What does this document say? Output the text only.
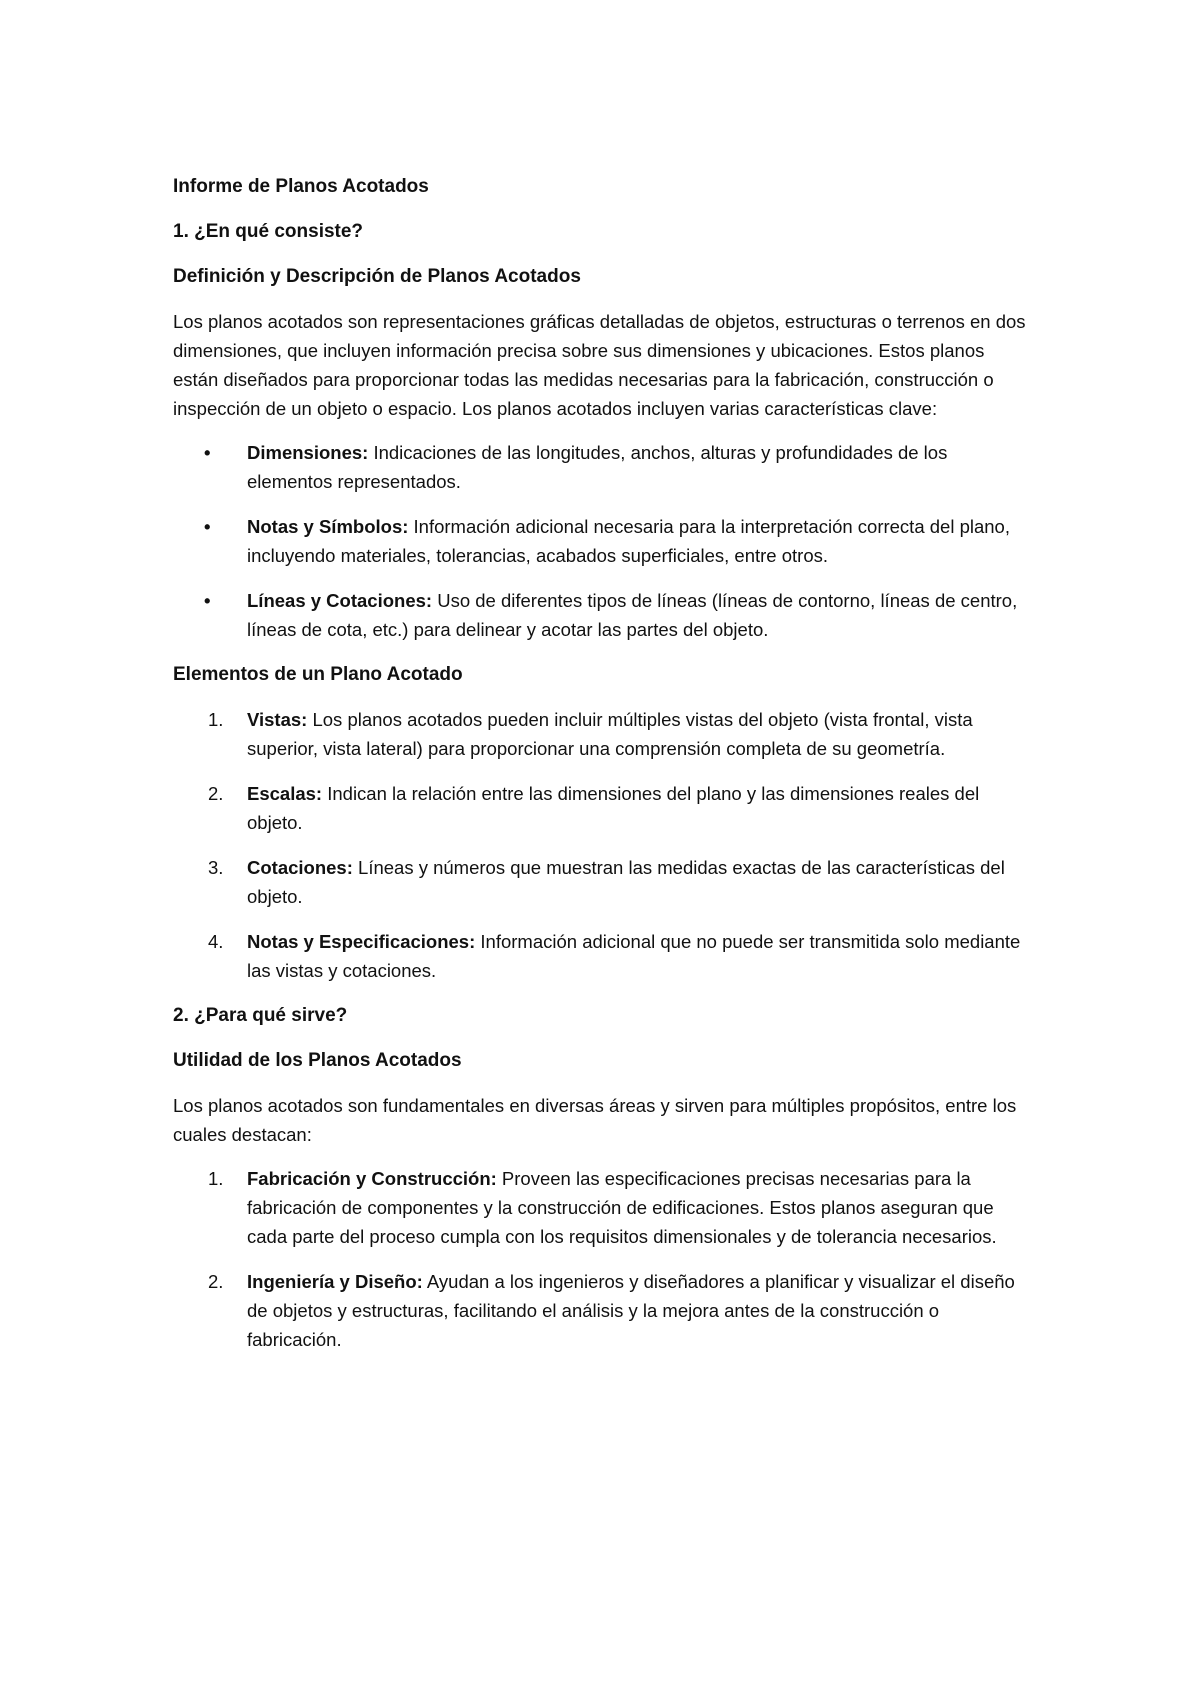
Informe de Planos Acotados
1. ¿En qué consiste?
Definición y Descripción de Planos Acotados

Los planos acotados son representaciones gráficas detalladas de objetos, estructuras o terrenos en dos dimensiones, que incluyen información precisa sobre sus dimensiones y ubicaciones. Estos planos están diseñados para proporcionar todas las medidas necesarias para la fabricación, construcción o inspección de un objeto o espacio. Los planos acotados incluyen varias características clave:

•	Dimensiones: Indicaciones de las longitudes, anchos, alturas y profundidades de los elementos representados.
•	Notas y Símbolos: Información adicional necesaria para la interpretación correcta del plano, incluyendo materiales, tolerancias, acabados superficiales, entre otros.
•	Líneas y Cotaciones: Uso de diferentes tipos de líneas (líneas de contorno, líneas de centro, líneas de cota, etc.) para delinear y acotar las partes del objeto.
Elementos de un Plano Acotado
1.	Vistas: Los planos acotados pueden incluir múltiples vistas del objeto (vista frontal, vista superior, vista lateral) para proporcionar una comprensión completa de su geometría.
2.	Escalas: Indican la relación entre las dimensiones del plano y las dimensiones reales del objeto.
3.	Cotaciones: Líneas y números que muestran las medidas exactas de las características del objeto.
4.	Notas y Especificaciones: Información adicional que no puede ser transmitida solo mediante las vistas y cotaciones.
2. ¿Para qué sirve?
Utilidad de los Planos Acotados

Los planos acotados son fundamentales en diversas áreas y sirven para múltiples propósitos, entre los cuales destacan:

1.	Fabricación y Construcción: Proveen las especificaciones precisas necesarias para la fabricación de componentes y la construcción de edificaciones. Estos planos aseguran que cada parte del proceso cumpla con los requisitos dimensionales y de tolerancia necesarios.
2.	Ingeniería y Diseño: Ayudan a los ingenieros y diseñadores a planificar y visualizar el diseño de objetos y estructuras, facilitando el análisis y la mejora antes de la construcción o fabricación.
